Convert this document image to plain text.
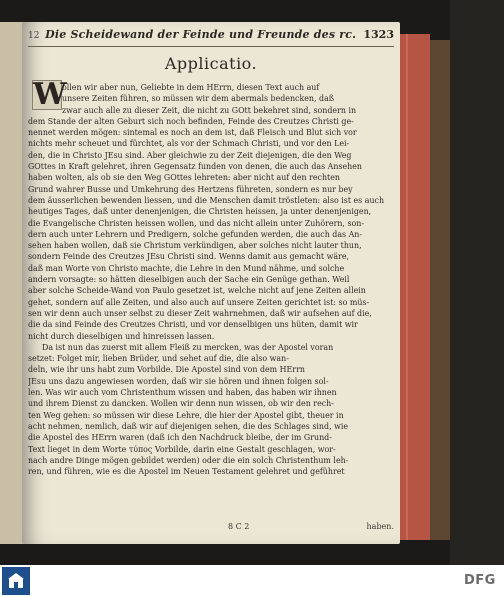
12 Die Scheidewand der Feinde und Freunde des rc. 1323
Applicatio.
W
ollen wir aber nun, Geliebte in dem HErrn, diesen Text auch auf
unsere Zeiten führen, so müssen wir dem abermals bedencken, daß
zwar auch alle zu dieser Zeit, die nicht zu GOtt bekehret sind, sondern in
dem Stande der alten Geburt sich noch befinden, Feinde des Creutzes Christi ge-
nennet werden mögen: sintemal es noch an dem ist, daß Fleisch und Blut sich vor
nichts mehr scheuet und fürchtet, als vor der Schmach Christi, und vor den Lei-
den, die in Christo JEsu sind. Aber gleichwie zu der Zeit diejenigen, die den Weg
GOttes in Kraft gelehret, ihren Gegensatz funden von denen, die auch das Ansehen
haben wolten, als ob sie den Weg GOttes lehreten: aber nicht auf den rechten
Grund wahrer Busse und Umkehrung des Hertzens führeten, sondern es nur bey
dem äusserlichen bewenden liessen, und die Menschen damit tröstleten: also ist es auch
heutiges Tages, daß unter denenjenigen, die Christen heissen, ja unter denenjenigen,
die Evangelische Christen heissen wollen, und das nicht allein unter Zuhörern, son-
dern auch unter Lehrern und Predigern, solche gefunden werden, die auch das An-
sehen haben wollen, daß sie Christum verkündigen, aber solches nicht lauter thun,
sondern Feinde des Creutzes JEsu Christi sind. Wenns damit aus gemacht wäre,
daß man Worte von Christo machte, die Lehre in den Mund nähme, und solche
andern vorsagte: so hätten dieselbigen auch der Sache ein Genüge gethan. Weil
aber solche Scheide-Wand von Paulo gesetzet ist, welche nicht auf jene Zeiten allein
gehet, sondern auf alle Zeiten, und also auch auf unsere Zeiten gerichtet ist: so müs-
sen wir denn auch unser selbst zu dieser Zeit wahrnehmen, daß wir aufsehen auf die,
die da sind Feinde des Creutzes Christi, und vor denselbigen uns hüten, damit wir
nicht durch dieselbigen und hinreissen lassen.
Da ist nun das zuerst mit allem Fleiß zu mercken, was der Apostel voran
setzet: Folget mir, lieben Brüder, und sehet auf die, die also wan-
deln, wie ihr uns habt zum Vorbilde. Die Apostel sind von dem HErrn
JEsu uns dazu angewiesen worden, daß wir sie hören und ihnen folgen sol-
len. Was wir auch vom Christenthum wissen und haben, das haben wir ihnen
und ihrem Dienst zu dancken. Wollen wir denn nun wissen, ob wir den rech-
ten Weg gehen: so müssen wir diese Lehre, die hier der Apostel gibt, theuer in
acht nehmen, nemlich, daß wir auf diejenigen sehen, die des Schlages sind, wie
die Apostel des HErrn waren (daß ich den Nachdruck bleibe, der im Grund-
Text lieget in dem Worte τύπος Vorbilde, darin eine Gestalt geschlagen, wor-
nach andre Dinge mögen gebildet werden) oder die ein solch Christenthum leh-
ren, und führen, wie es die Apostel im Neuen Testament gelehret und geführet
8 C 2	haben.
DFG
